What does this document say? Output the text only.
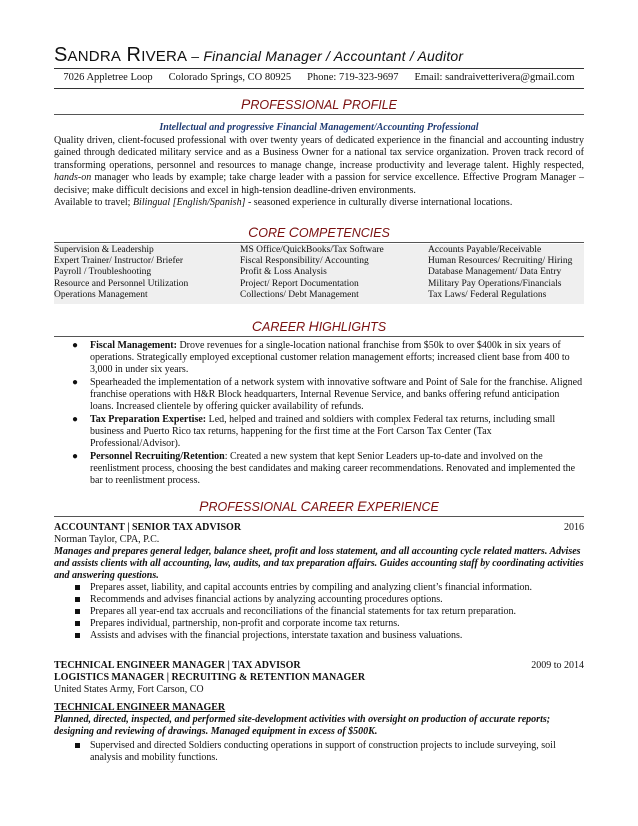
SANDRA RIVERA – Financial Manager / Accountant / Auditor
7026 Appletree Loop Colorado Springs, CO 80925 Phone: 719-323-9697 Email: sandraivetterivera@gmail.com
PROFESSIONAL PROFILE
Intellectual and progressive Financial Management/Accounting Professional
Quality driven, client-focused professional with over twenty years of dedicated experience in the financial and accounting industry gained through dedicated military service and as a Business Owner for a national tax service organization. Proven track record of transforming operations, personnel and resources to manage change, increase productivity and leverage talent. Highly respected, hands-on manager who leads by example; take charge leader with a passion for service excellence. Effective Program Manager – decisive; make difficult decisions and excel in high-tension deadline-driven environments.
Available to travel; Bilingual [English/Spanish] - seasoned experience in culturally diverse international locations.
CORE COMPETENCIES
Supervision & Leadership
Expert Trainer/ Instructor/ Briefer
Payroll / Troubleshooting
Resource and Personnel Utilization
Operations Management
MS Office/QuickBooks/Tax Software
Fiscal Responsibility/ Accounting
Profit & Loss Analysis
Project/ Report Documentation
Collections/ Debt Management
Accounts Payable/Receivable
Human Resources/ Recruiting/ Hiring
Database Management/ Data Entry
Military Pay Operations/Financials
Tax Laws/ Federal Regulations
CAREER HIGHLIGHTS
● Fiscal Management: Drove revenues for a single-location national franchise from $50k to over $400k in six years of operations. Strategically employed exceptional customer relation management efforts; increased client base from 400 to 3,000 in under six years.
● Spearheaded the implementation of a network system with innovative software and Point of Sale for the franchise. Aligned franchise operations with H&R Block headquarters, Internal Revenue Service, and banks offering refund anticipation loans. Increased clientele by offering quicker availability of refunds.
● Tax Preparation Expertise: Led, helped and trained and soldiers with complex Federal tax returns, including small business and Puerto Rico tax returns, happening for the first time at the Fort Carson Tax Center (Tax Professional/Advisor).
● Personnel Recruiting/Retention: Created a new system that kept Senior Leaders up-to-date and involved on the reenlistment process, choosing the best candidates and making career recommendations. Renovated and implemented the bar to reenlistment process.
PROFESSIONAL CAREER EXPERIENCE
ACCOUNTANT | SENIOR TAX ADVISOR	2016
Norman Taylor, CPA, P.C.
Manages and prepares general ledger, balance sheet, profit and loss statement, and all accounting cycle related matters. Advises and assists clients with all accounting, law, audits, and tax preparation affairs. Guides accounting staff by coordinating activities and answering questions.
Prepares asset, liability, and capital accounts entries by compiling and analyzing client’s financial information.
Recommends and advises financial actions by analyzing accounting procedures options.
Prepares all year-end tax accruals and reconciliations of the financial statements for tax return preparation.
Prepares individual, partnership, non-profit and corporate income tax returns.
Assists and advises with the financial projections, interstate taxation and business valuations.
TECHNICAL ENGINEER MANAGER | TAX ADVISOR	2009 to 2014
LOGISTICS MANAGER | RECRUITING & RETENTION MANAGER
United States Army, Fort Carson, CO
TECHNICAL ENGINEER MANAGER
Planned, directed, inspected, and performed site-development activities with oversight on production of accurate reports; designing and reviewing of drawings. Managed equipment in excess of $500K.
Supervised and directed Soldiers conducting operations in support of construction projects to include surveying, soil analysis and mobility functions.
